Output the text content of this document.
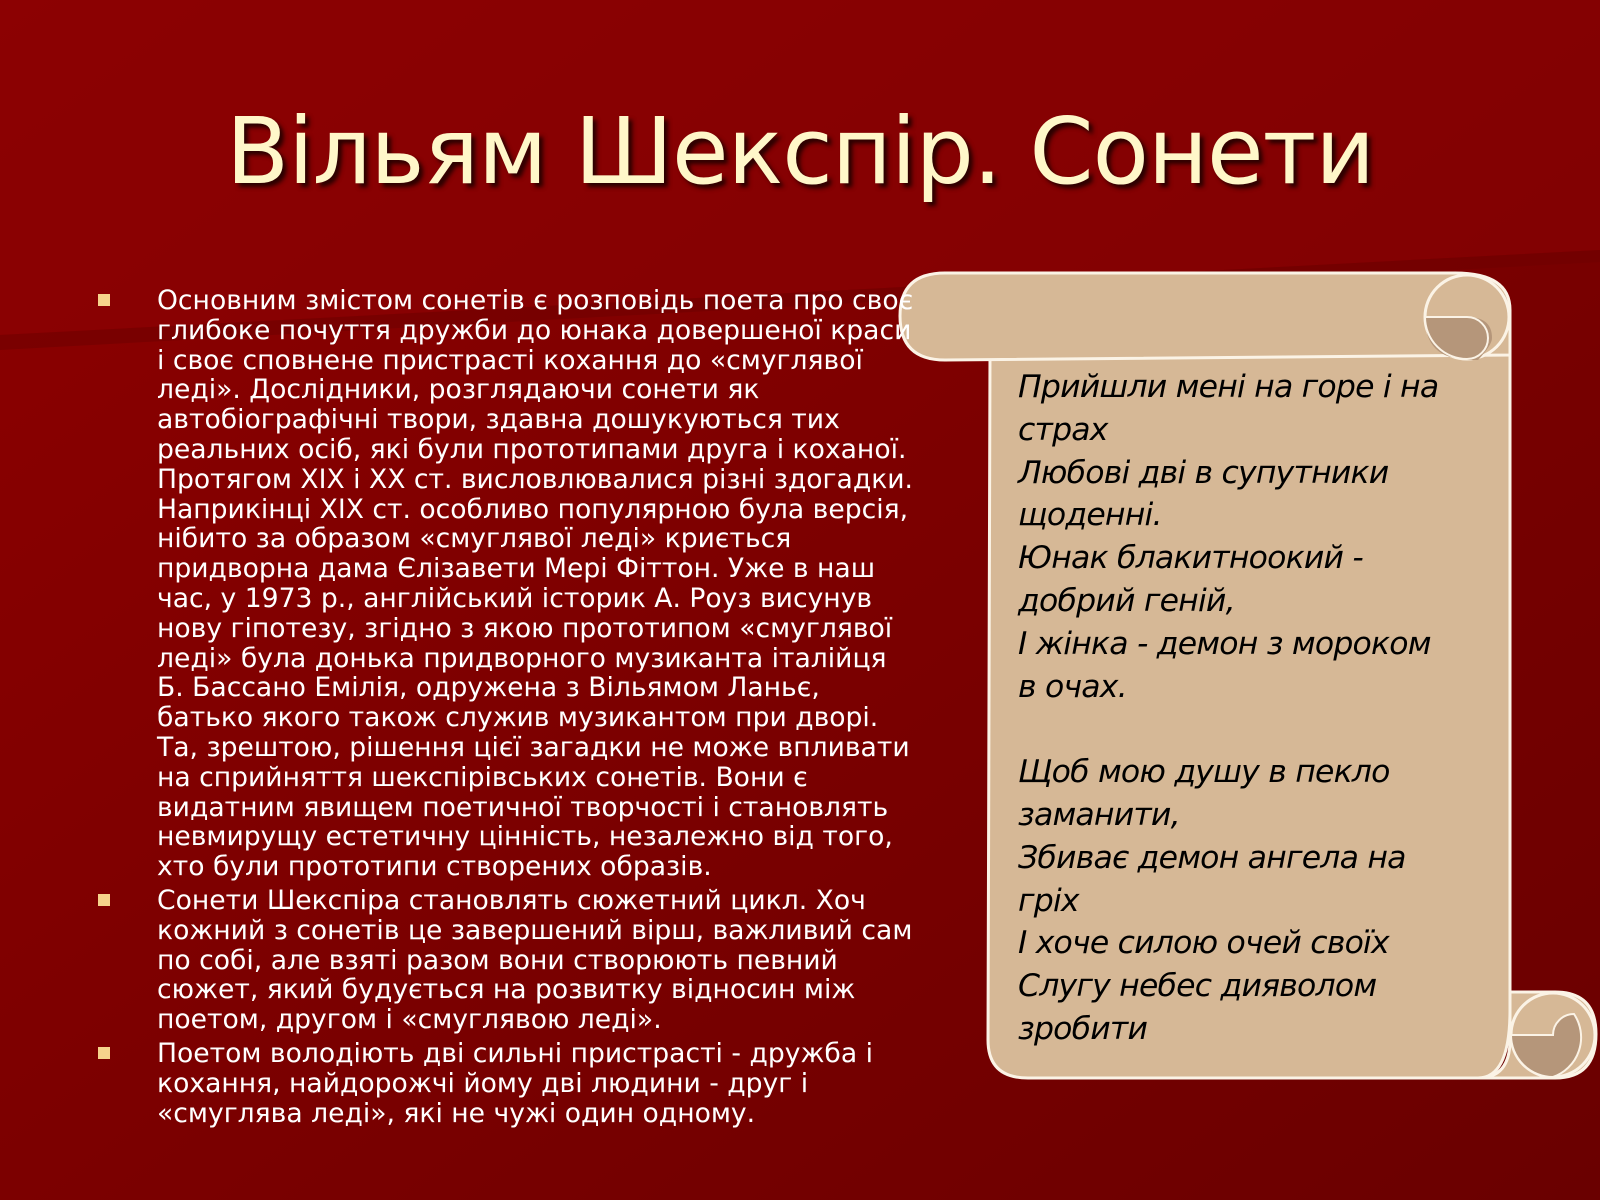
Вільям Шекспір. Сонети
Основним змістом сонетів є розповідь поета про своє глибоке почуття дружби до юнака довершеної краси і своє сповнене пристрасті кохання до «смуглявої леді». Дослідники, розглядаючи сонети як автобіографічні твори, здавна дошукуються тих реальних осіб, які були прототипами друга і коханої. Протягом XIX і XX ст. висловлювалися різні здогадки. Наприкінці XIX ст. особливо популярною була версія, нібито за образом «смуглявої леді» криється придворна дама Єлізавети Мері Фіттон. Уже в наш час, у 1973 р., англійський історик А. Роуз висунув нову гіпотезу, згідно з якою прототипом «смуглявої леді» була донька придворного музиканта італійця Б. Бассано Емілія, одружена з Вільямом Ланьє, батько якого також служив музикантом при дворі. Та, зрештою, рішення цієї загадки не може впливати на сприйняття шекспірівських сонетів. Вони є видатним явищем поетичної творчості і становлять невмирущу естетичну цінність, незалежно від того, хто були прототипи створених образів.
Сонети Шекспіра становлять сюжетний цикл. Хоч кожний з сонетів це завершений вірш, важливий сам по собі, але взяті разом вони створюють певний сюжет, який будується на розвитку відносин між поетом, другом і «смуглявою леді».
Поетом володіють дві сильні пристрасті - дружба і кохання, найдорожчі йому дві людини - друг і «смуглява леді», які не чужі один одному.
Прийшли мені на горе і на
страх
Любові дві в супутники
щоденні.
Юнак блакитноокий -
добрий геній,
І жінка - демон з мороком
в очах.
Щоб мою душу в пекло
заманити,
Збиває демон ангела на
гріх
І хоче силою очей своїх
Слугу небес дияволом
зробити
